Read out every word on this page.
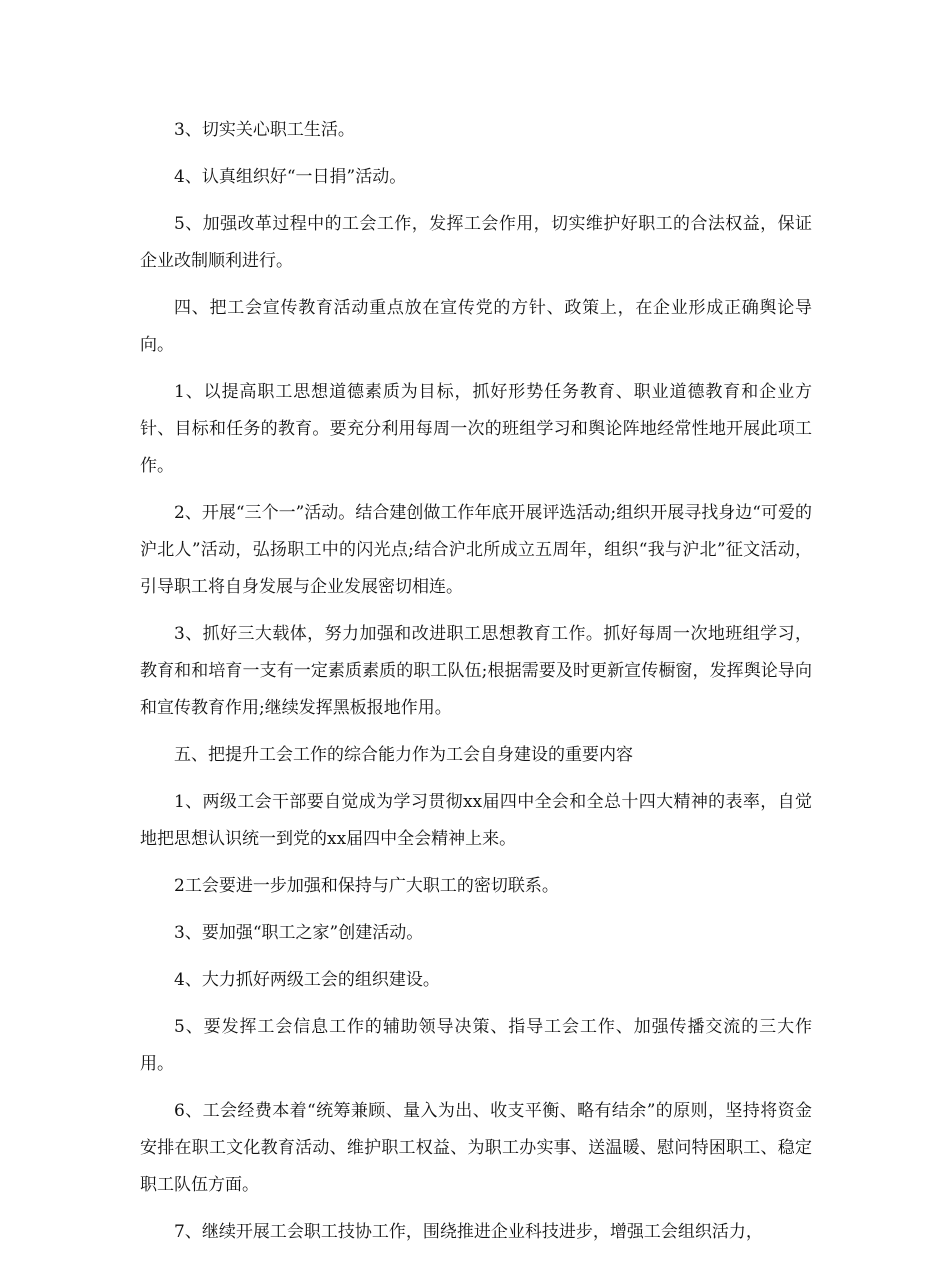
3、切实关心职工生活。

4、认真组织好“一日捐”活动。

5、加强改革过程中的工会工作，发挥工会作用，切实维护好职工的合法权益，保证企业改制顺利进行。

四、把工会宣传教育活动重点放在宣传党的方针、政策上，在企业形成正确舆论导向。

1、以提高职工思想道德素质为目标，抓好形势任务教育、职业道德教育和企业方针、目标和任务的教育。要充分利用每周一次的班组学习和舆论阵地经常性地开展此项工作。

2、开展“三个一”活动。结合建创做工作年底开展评选活动;组织开展寻找身边“可爱的沪北人”活动，弘扬职工中的闪光点;结合沪北所成立五周年，组织“我与沪北”征文活动，引导职工将自身发展与企业发展密切相连。

3、抓好三大载体，努力加强和改进职工思想教育工作。抓好每周一次地班组学习，教育和和培育一支有一定素质素质的职工队伍;根据需要及时更新宣传橱窗，发挥舆论导向和宣传教育作用;继续发挥黑板报地作用。

五、把提升工会工作的综合能力作为工会自身建设的重要内容

1、两级工会干部要自觉成为学习贯彻xx届四中全会和全总十四大精神的表率，自觉地把思想认识统一到党的xx届四中全会精神上来。

2工会要进一步加强和保持与广大职工的密切联系。

3、要加强“职工之家”创建活动。

4、大力抓好两级工会的组织建设。

5、要发挥工会信息工作的辅助领导决策、指导工会工作、加强传播交流的三大作用。

6、工会经费本着“统筹兼顾、量入为出、收支平衡、略有结余”的原则，坚持将资金安排在职工文化教育活动、维护职工权益、为职工办实事、送温暖、慰问特困职工、稳定职工队伍方面。

7、继续开展工会职工技协工作，围绕推进企业科技进步，增强工会组织活力，
